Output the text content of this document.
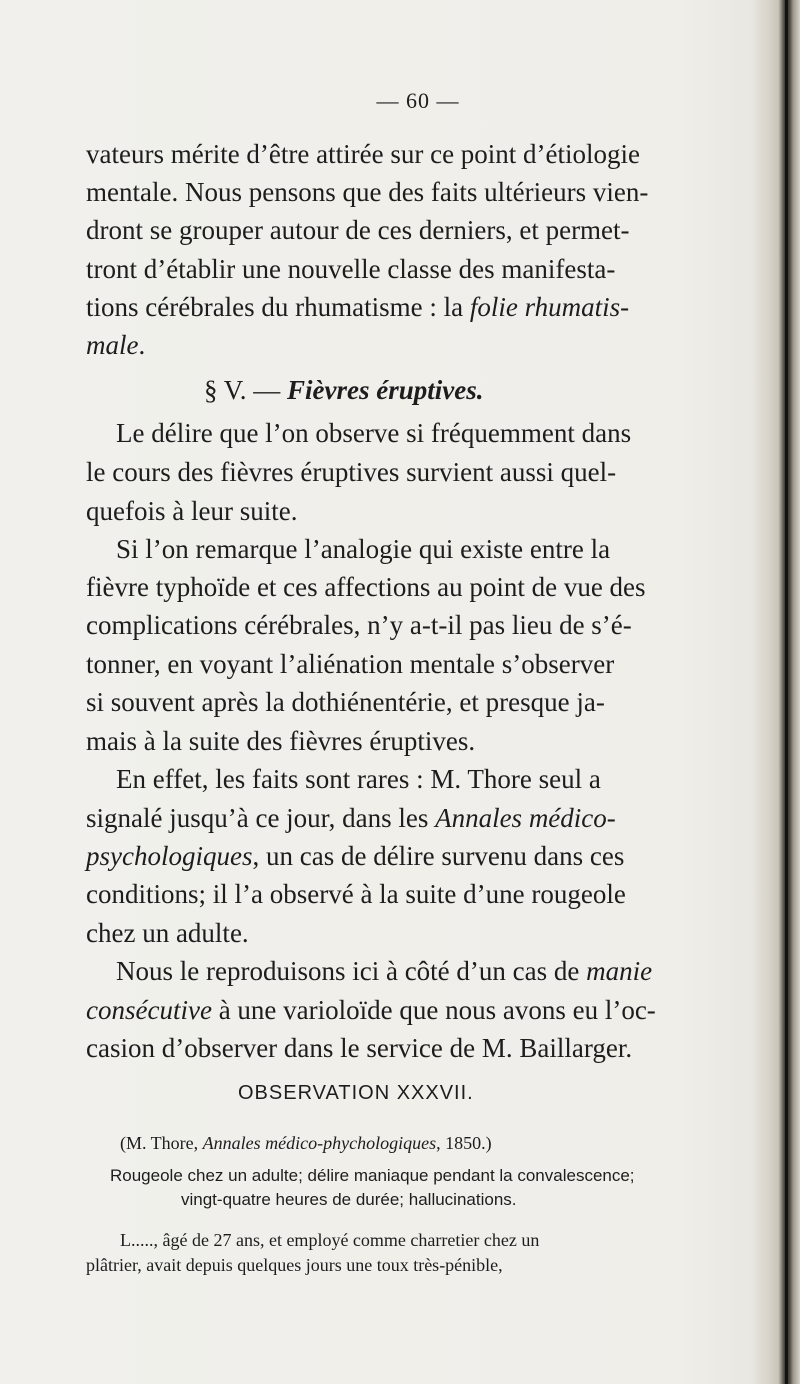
— 60 —
vateurs mérite d’être attirée sur ce point d’étiologie
mentale. Nous pensons que des faits ultérieurs vien-
dront se grouper autour de ces derniers, et permet-
tront d’établir une nouvelle classe des manifesta-
tions cérébrales du rhumatisme : la folie rhumatis-
male.
§ V. — Fièvres éruptives.
Le délire que l’on observe si fréquemment dans
le cours des fièvres éruptives survient aussi quel-
quefois à leur suite.
Si l’on remarque l’analogie qui existe entre la
fièvre typhoïde et ces affections au point de vue des
complications cérébrales, n’y a-t-il pas lieu de s’é-
tonner, en voyant l’aliénation mentale s’observer
si souvent après la dothiénentérie, et presque ja-
mais à la suite des fièvres éruptives.
En effet, les faits sont rares : M. Thore seul a
signalé jusqu’à ce jour, dans les Annales médico-
psychologiques, un cas de délire survenu dans ces
conditions; il l’a observé à la suite d’une rougeole
chez un adulte.
Nous le reproduisons ici à côté d’un cas de manie
consécutive à une varioloïde que nous avons eu l’oc-
casion d’observer dans le service de M. Baillarger.
OBSERVATION XXXVII.
(M. Thore, Annales médico-phychologiques, 1850.)
Rougeole chez un adulte; délire maniaque pendant la convalescence;
vingt-quatre heures de durée; hallucinations.
L....., âgé de 27 ans, et employé comme charretier chez un
plâtrier, avait depuis quelques jours une toux très-pénible,
